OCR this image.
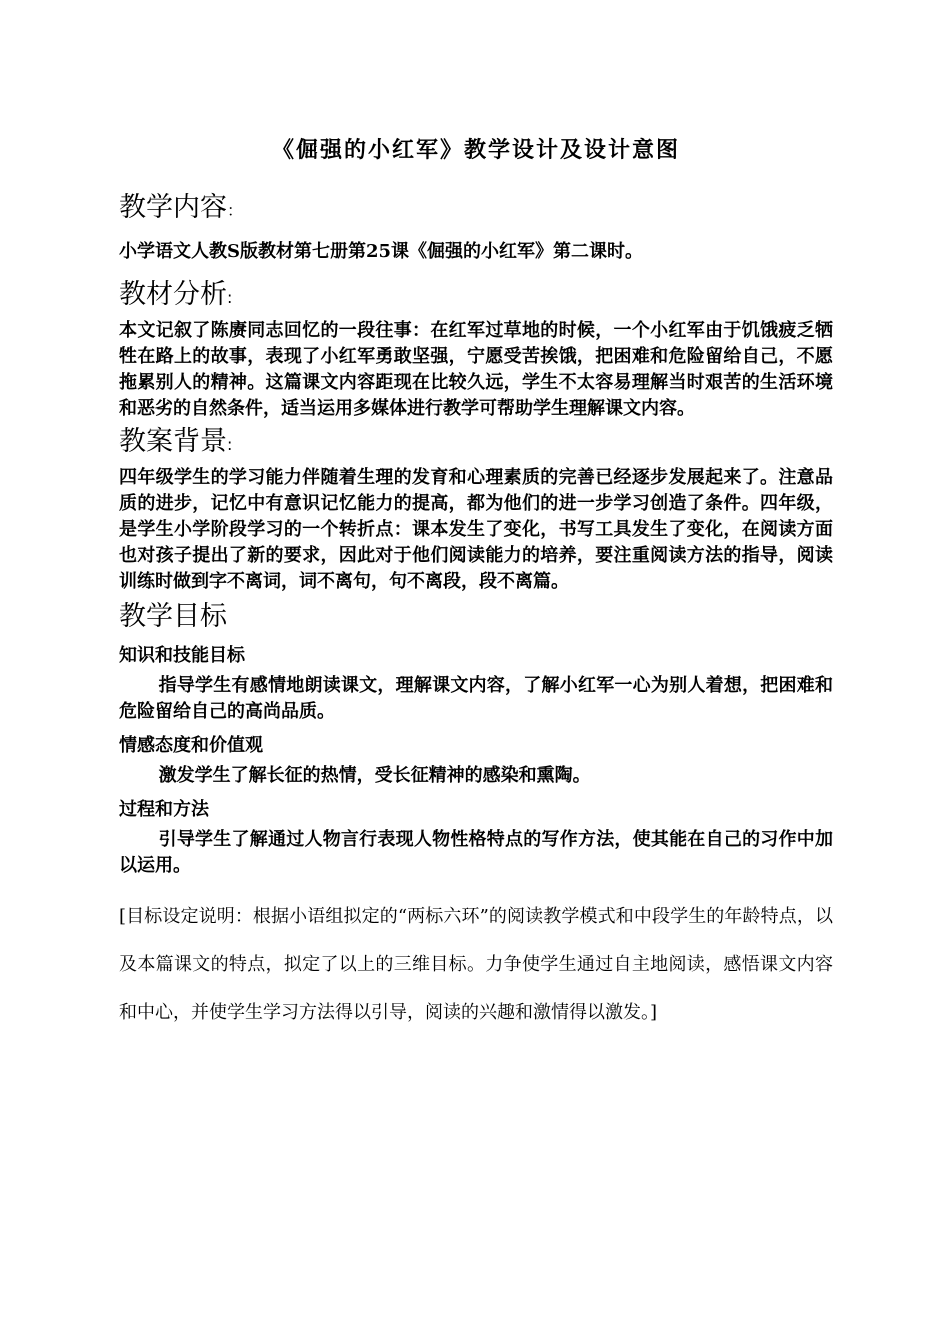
《倔强的小红军》教学设计及设计意图
教学内容：

小学语文人教S版教材第七册第25课《倔强的小红军》第二课时。

教材分析:

本文记叙了陈赓同志回忆的一段往事：在红军过草地的时候，一个小红军由于饥饿疲乏牺牲在路上的故事，表现了小红军勇敢坚强，宁愿受苦挨饿，把困难和危险留给自己，不愿拖累别人的精神。这篇课文内容距现在比较久远，学生不太容易理解当时艰苦的生活环境和恶劣的自然条件，适当运用多媒体进行教学可帮助学生理解课文内容。

教案背景:

四年级学生的学习能力伴随着生理的发育和心理素质的完善已经逐步发展起来了。注意品质的进步，记忆中有意识记忆能力的提高，都为他们的进一步学习创造了条件。四年级，是学生小学阶段学习的一个转折点：课本发生了变化，书写工具发生了变化，在阅读方面也对孩子提出了新的要求，因此对于他们阅读能力的培养，要注重阅读方法的指导，阅读训练时做到字不离词，词不离句，句不离段，段不离篇。

教学目标
知识和技能目标

指导学生有感情地朗读课文，理解课文内容，了解小红军一心为别人着想，把困难和危险留给自己的高尚品质。

情感态度和价值观

激发学生了解长征的热情，受长征精神的感染和熏陶。

过程和方法

引导学生了解通过人物言行表现人物性格特点的写作方法，使其能在自己的习作中加以运用。

[目标设定说明：根据小语组拟定的“两标六环”的阅读教学模式和中段学生的年龄特点，以及本篇课文的特点，拟定了以上的三维目标。力争使学生通过自主地阅读，感悟课文内容和中心，并使学生学习方法得以引导，阅读的兴趣和激情得以激发。]
